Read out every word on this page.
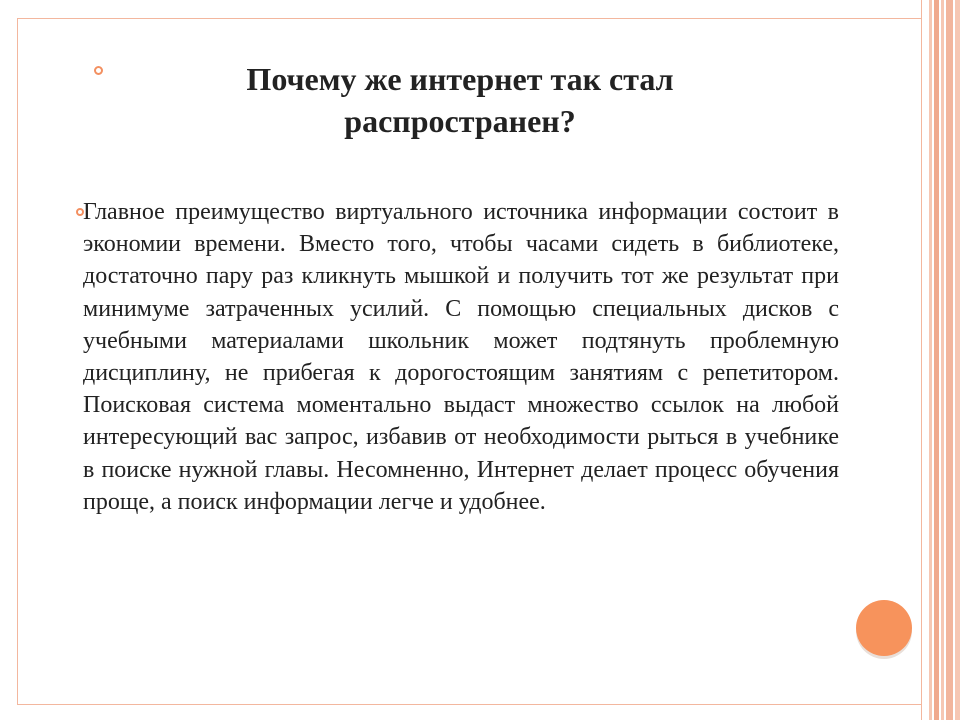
Почему же интернет так стал распространен?

Главное преимущество виртуального источника информации состоит в экономии времени. Вместо того, чтобы часами сидеть в библиотеке, достаточно пару раз кликнуть мышкой и получить тот же результат при минимуме затраченных усилий. С помощью специальных дисков с учебными материалами школьник может подтянуть проблемную дисциплину, не прибегая к дорогостоящим занятиям с репетитором. Поисковая система моментально выдаст множество ссылок на любой интересующий вас запрос, избавив от необходимости рыться в учебнике в поиске нужной главы. Несомненно, Интернет делает процесс обучения проще, а поиск информации легче и удобнее.
